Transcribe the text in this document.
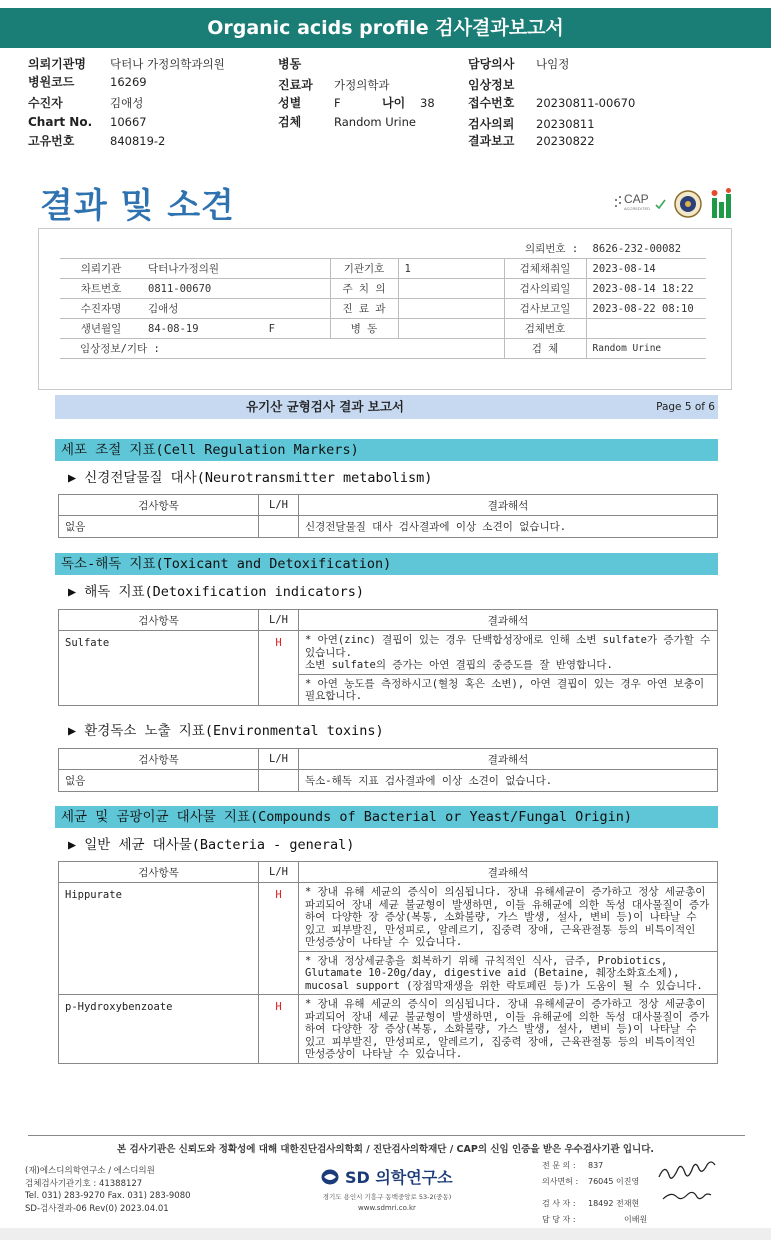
Organic acids profile 검사결과보고서
의뢰기관명 닥터나 가정의학과의원
병원코드	16269
수진자	김애성
Chart No. 10667
고유번호	840819-2
병동
진료과 가정의학과
성별	F	나이 38
검체	Random Urine
담당의사 나임정
임상정보
접수번호 20230811-00670
검사의뢰 20230811
결과보고 20230822
결과 및 소견	CAP
ACCREDITED
의뢰번호 : 8626-232-00082
의뢰기관	닥터나가정의원	기관기호	1	검체채취일	2023-08-14
차트번호	0811-00670	주 치 의		검사의뢰일	2023-08-14 18:22
수진자명	김애성	진 료 과		검사보고일	2023-08-22 08:10
생년월일	84-08-19 F	병 동		검체번호	
임상정보/기타 :				검 체	Random Urine
유기산 균형검사 결과 보고서	Page 5 of 6
세포 조절 지표(Cell Regulation Markers)
▶ 신경전달물질 대사(Neurotransmitter metabolism)
검사항목	L/H	결과해석
없음		신경전달물질 대사 검사결과에 이상 소견이 없습니다.
독소-해독 지표(Toxicant and Detoxification)
▶ 해독 지표(Detoxification indicators)
검사항목	L/H	결과해석
Sulfate	H	* 아연(zinc) 결핍이 있는 경우 단백합성장애로 인해 소변 sulfate가 증가할 수 있습니다.
소변 sulfate의 증가는 아연 결핍의 중증도를 잘 반영합니다.
* 아연 농도를 측정하시고(혈청 혹은 소변), 아연 결핍이 있는 경우 아연 보충이 필요합니다.
▶ 환경독소 노출 지표(Environmental toxins)
검사항목	L/H	결과해석
없음		독소-해독 지표 검사결과에 이상 소견이 없습니다.
세균 및 곰팡이균 대사물 지표(Compounds of Bacterial or Yeast/Fungal Origin)
▶ 일반 세균 대사물(Bacteria - general)
검사항목	L/H	결과해석
Hippurate	H	* 장내 유해 세균의 증식이 의심됩니다. 장내 유해세균이 증가하고 정상 세균총이 파괴되어 장내 세균 불균형이 발생하면, 이들 유해균에 의한 독성 대사물질이 증가하여 다양한 장 증상(복통, 소화불량, 가스 발생, 설사, 변비 등)이 나타날 수 있고 피부발진, 만성피로, 알레르기, 집중력 장애, 근육관절통 등의 비특이적인 만성증상이 나타날 수 있습니다.
* 장내 정상세균총을 회복하기 위해 규칙적인 식사, 금주, Probiotics, Glutamate 10-20g/day, digestive aid (Betaine, 췌장소화효소제), mucosal support (장점막재생을 위한 락토페린 등)가 도움이 될 수 있습니다.

p-Hydroxybenzoate	H	* 장내 유해 세균의 증식이 의심됩니다. 장내 유해세균이 증가하고 정상 세균총이 파괴되어 장내 세균 불균형이 발생하면, 이들 유해균에 의한 독성 대사물질이 증가하여 다양한 장 증상(복통, 소화불량, 가스 발생, 설사, 변비 등)이 나타날 수 있고 피부발진, 만성피로, 알레르기, 집중력 장애, 근육관절통 등의 비특이적인 만성증상이 나타날 수 있습니다.
본 검사기관은 신뢰도와 정확성에 대해 대한진단검사의학회 / 진단검사의학재단 / CAP의 신임 인증을 받은 우수검사기관 입니다.
(재)에스디의학연구소 / 에스디의원
검체검사기관기호 : 41388127
Tel. 031) 283-9270 Fax. 031) 283-9080
SD-검사결과-06 Rev(0) 2023.04.01
SD 의학연구소
경기도 용인시 기흥구 동백중앙로 53-2(중동)
www.sdmri.co.kr
전 문 의 : 837
의사면허 : 76045 이진영
검 사 자 : 18492 전재현
담 당 자 :	이배원
